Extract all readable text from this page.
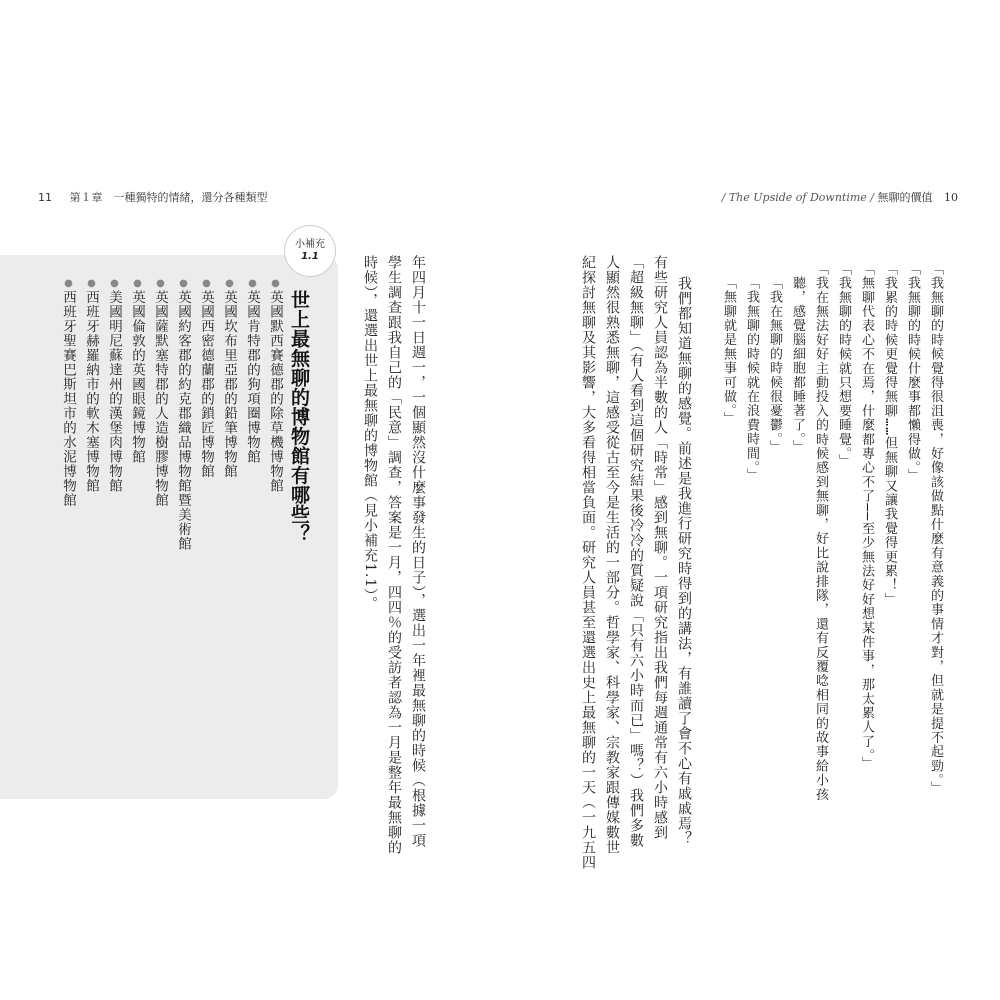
11 第１章　一種獨特的情緒，還分各種類型	/ The Upside of Downtime / 無聊的價值 10
小補充
1.1
世上最無聊的博物館有哪些？
●英國默西賽德郡的除草機博物館
●英國肯特郡的狗項圈博物館
●英國坎布里亞郡的鉛筆博物館
●英國西密德蘭郡的鎖匠博物館
●英國約客郡的約克郡織品博物館暨美術館
●英國薩默塞特郡的人造樹膠博物館
●英國倫敦的英國眼鏡博物館
●美國明尼蘇達州的漢堡肉博物館
●西班牙赫羅納市的軟木塞博物館
●西班牙聖賽巴斯坦市的水泥博物館	年四月十一日週一，一個顯然沒什麼事發生的日子），選出一年裡最無聊的時候（根據一項
學生調查跟我自己的「民意」調查，答案是一月，四四％的受訪者認為一月是整年最無聊的
時候），還選出世上最無聊的博物館（見小補充1.1）。	「我無聊的時候覺得很沮喪，好像該做點什麼有意義的事情才對，但就是提不起勁。」
「我無聊的時候什麼事都懶得做。」
「我累的時候更覺得無聊……但無聊又讓我覺得更累！」
「無聊代表心不在焉，什麼都專心不了──至少無法好好想某件事，那太累人了。」
「我無聊的時候就只想要睡覺。」
「我在無法好好主動投入的時候感到無聊，好比說排隊，還有反覆唸相同的故事給小孩
聽，感覺腦細胞都睡著了。」
「我在無聊的時候很憂鬱。」
「我無聊的時候就在浪費時間。」
「無聊就是無事可做。」
我們都知道無聊的感覺。前述是我進行研究時得到的講法，有誰讀了會不心有戚戚焉？
有些研究人員認為半數的人「時常」感到無聊。一項研究指出我們每週通常有六小時感到
「超級無聊」（有人看到這個研究結果後冷冷的質疑說「只有六小時而已」嗎？）我們多數
人顯然很熟悉無聊，這感受從古至今是生活的一部分。哲學家、科學家、宗教家跟傳媒數世
紀探討無聊及其影響，大多看得相當負面。研究人員甚至還選出史上最無聊的一天（一九五四
